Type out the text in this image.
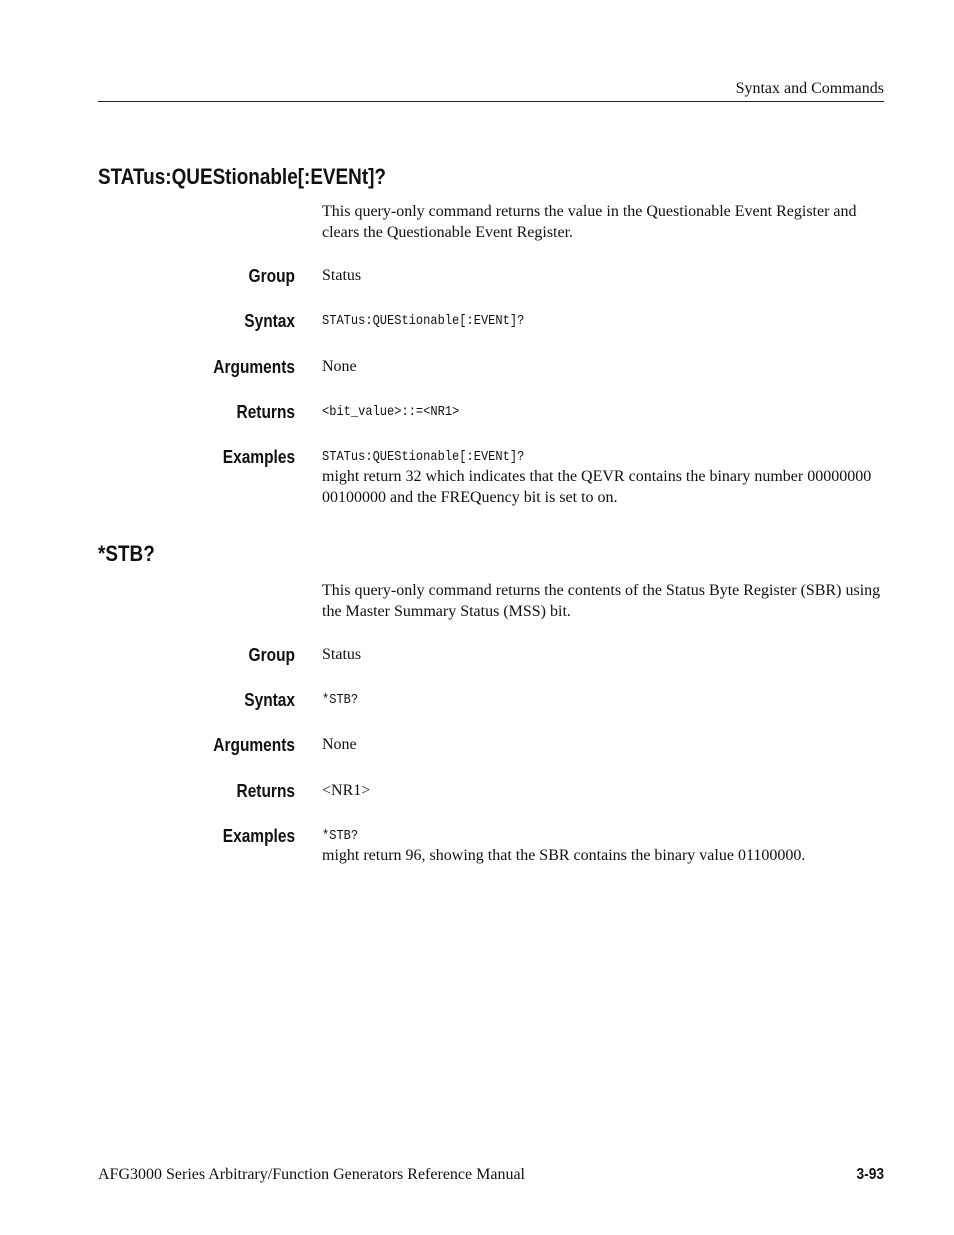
Syntax and Commands
STATus:QUEStionable[:EVENt]?
This query-only command returns the value in the Questionable Event Register and clears the Questionable Event Register.
Group Status
Syntax STATus:QUEStionable[:EVENt]?
Arguments None
Returns <bit_value>::=<NR1>
Examples STATus:QUEStionable[:EVENt]?
might return 32 which indicates that the QEVR contains the binary number 00000000 00100000 and the FREQuency bit is set to on.
*STB?
This query-only command returns the contents of the Status Byte Register (SBR) using the Master Summary Status (MSS) bit.
Group Status
Syntax *STB?
Arguments None
Returns <NR1>
Examples *STB?
might return 96, showing that the SBR contains the binary value 01100000.
AFG3000 Series Arbitrary/Function Generators Reference Manual	3-93
